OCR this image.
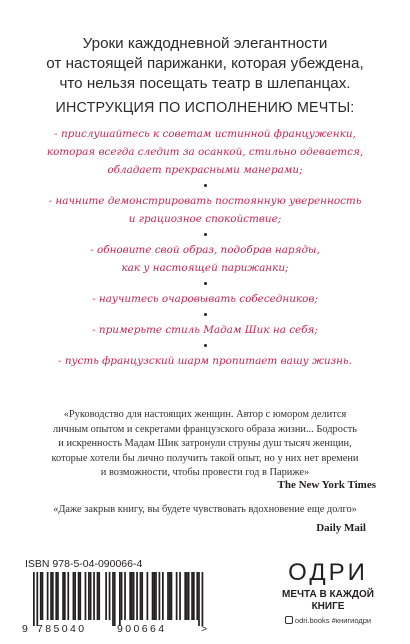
Уроки каждодневной элегантности
от настоящей парижанки, которая убеждена,
что нельзя посещать театр в шлепанцах.
ИНСТРУКЦИЯ ПО ИСПОЛНЕНИЮ МЕЧТЫ:
- прислушайтесь к советам истинной француженки,
которая всегда следит за осанкой, стильно одевается,
обладает прекрасными манерами;
- начните демонстрировать постоянную уверенность
и грациозное спокойствие;
- обновите свой образ, подобрав наряды,
как у настоящей парижанки;
- научитесь очаровывать собеседников;
- примерьте стиль Мадам Шик на себя;
- пусть французский шарм пропитает вашу жизнь.
«Руководство для настоящих женщин. Автор с юмором делится
личным опытом и секретами французского образа жизни... Бодрость
и искренность Мадам Шик затронули струны душ тысяч женщин,
которые хотели бы лично получить такой опыт, но у них нет времени
и возможности, чтобы провести год в Париже»
The New York Times
«Даже закрыв книгу, вы будете чувствовать вдохновение еще долго»
Daily Mail
ISBN 978-5-04-090066-4
9 785040	900664	>
ОДРИ
МЕЧТА В КАЖДОЙ
КНИГЕ
odri.books #книгиодри
